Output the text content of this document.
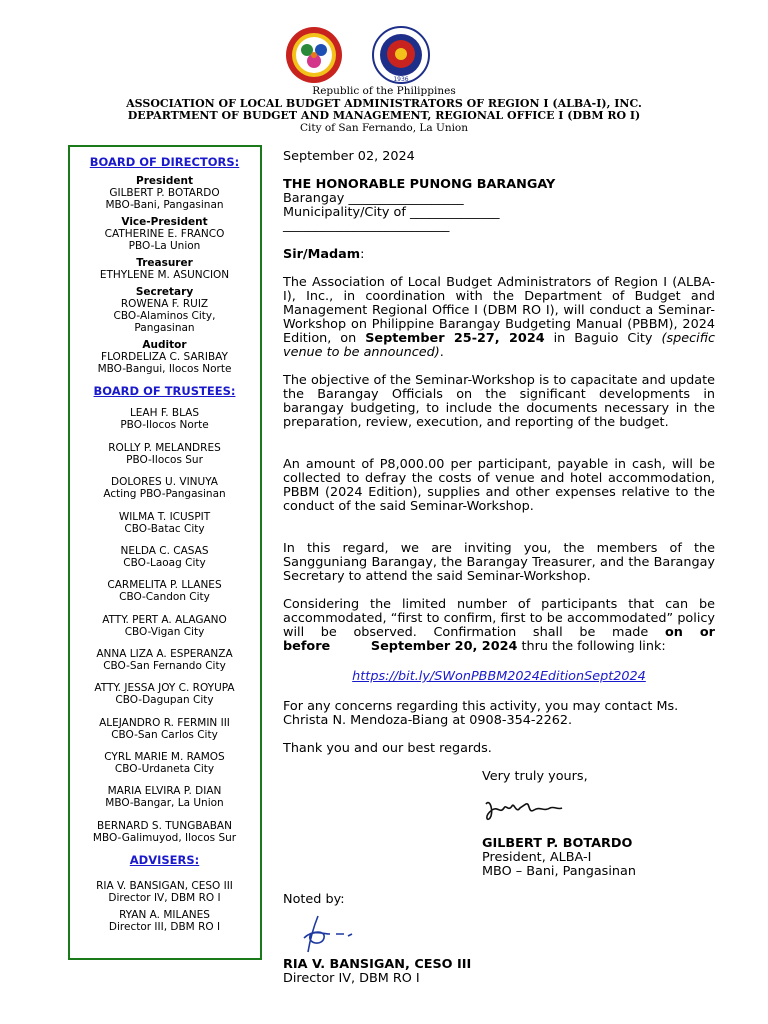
1936
Republic of the Philippines
ASSOCIATION OF LOCAL BUDGET ADMINISTRATORS OF REGION I (ALBA-I), INC.
DEPARTMENT OF BUDGET AND MANAGEMENT, REGIONAL OFFICE I (DBM RO I)
City of San Fernando, La Union
BOARD OF DIRECTORS:
President
GILBERT P. BOTARDO
MBO-Bani, Pangasinan
Vice-President
CATHERINE E. FRANCO
PBO-La Union
Treasurer
ETHYLENE M. ASUNCION
Secretary
ROWENA F. RUIZ
CBO-Alaminos City,
Pangasinan
Auditor
FLORDELIZA C. SARIBAY
MBO-Bangui, Ilocos Norte
BOARD OF TRUSTEES:
LEAH F. BLAS
PBO-Ilocos Norte
ROLLY P. MELANDRES
PBO-Ilocos Sur
DOLORES U. VINUYA
Acting PBO-Pangasinan
WILMA T. ICUSPIT
CBO-Batac City
NELDA C. CASAS
CBO-Laoag City
CARMELITA P. LLANES
CBO-Candon City
ATTY. PERT A. ALAGANO
CBO-Vigan City
ANNA LIZA A. ESPERANZA
CBO-San Fernando City
ATTY. JESSA JOY C. ROYUPA
CBO-Dagupan City
ALEJANDRO R. FERMIN III
CBO-San Carlos City
CYRL MARIE M. RAMOS
CBO-Urdaneta City
MARIA ELVIRA P. DIAN
MBO-Bangar, La Union
BERNARD S. TUNGBABAN
MBO-Galimuyod, Ilocos Sur
ADVISERS:
RIA V. BANSIGAN, CESO III
Director IV, DBM RO I
RYAN A. MILANES
Director III, DBM RO I
September 02, 2024
THE HONORABLE PUNONG BARANGAY
Barangay __________________
Municipality/City of ______________
__________________________
Sir/Madam:
The Association of Local Budget Administrators of Region I (ALBA-I), Inc., in coordination with the Department of Budget and Management Regional Office I (DBM RO I), will conduct a Seminar-Workshop on Philippine Barangay Budgeting Manual (PBBM), 2024 Edition, on September 25-27, 2024 in Baguio City (specific venue to be announced).
The objective of the Seminar-Workshop is to capacitate and update the Barangay Officials on the significant developments in barangay budgeting, to include the documents necessary in the preparation, review, execution, and reporting of the budget.
An amount of P8,000.00 per participant, payable in cash, will be collected to defray the costs of venue and hotel accommodation, PBBM (2024 Edition), supplies and other expenses relative to the conduct of the said Seminar-Workshop.
In this regard, we are inviting you, the members of the Sangguniang Barangay, the Barangay Treasurer, and the Barangay Secretary to attend the said Seminar-Workshop.
Considering the limited number of participants that can be accommodated, “first to confirm, first to be accommodated” policy will be observed. Confirmation shall be made on or before	September 20, 2024 thru the following link:
https://bit.ly/SWonPBBM2024EditionSept2024
For any concerns regarding this activity, you may contact Ms. Christa N. Mendoza-Biang at 0908-354-2262.
Thank you and our best regards.
Very truly yours,
GILBERT P. BOTARDO
President, ALBA-I
MBO – Bani, Pangasinan
Noted by:
RIA V. BANSIGAN, CESO III
Director IV, DBM RO I
